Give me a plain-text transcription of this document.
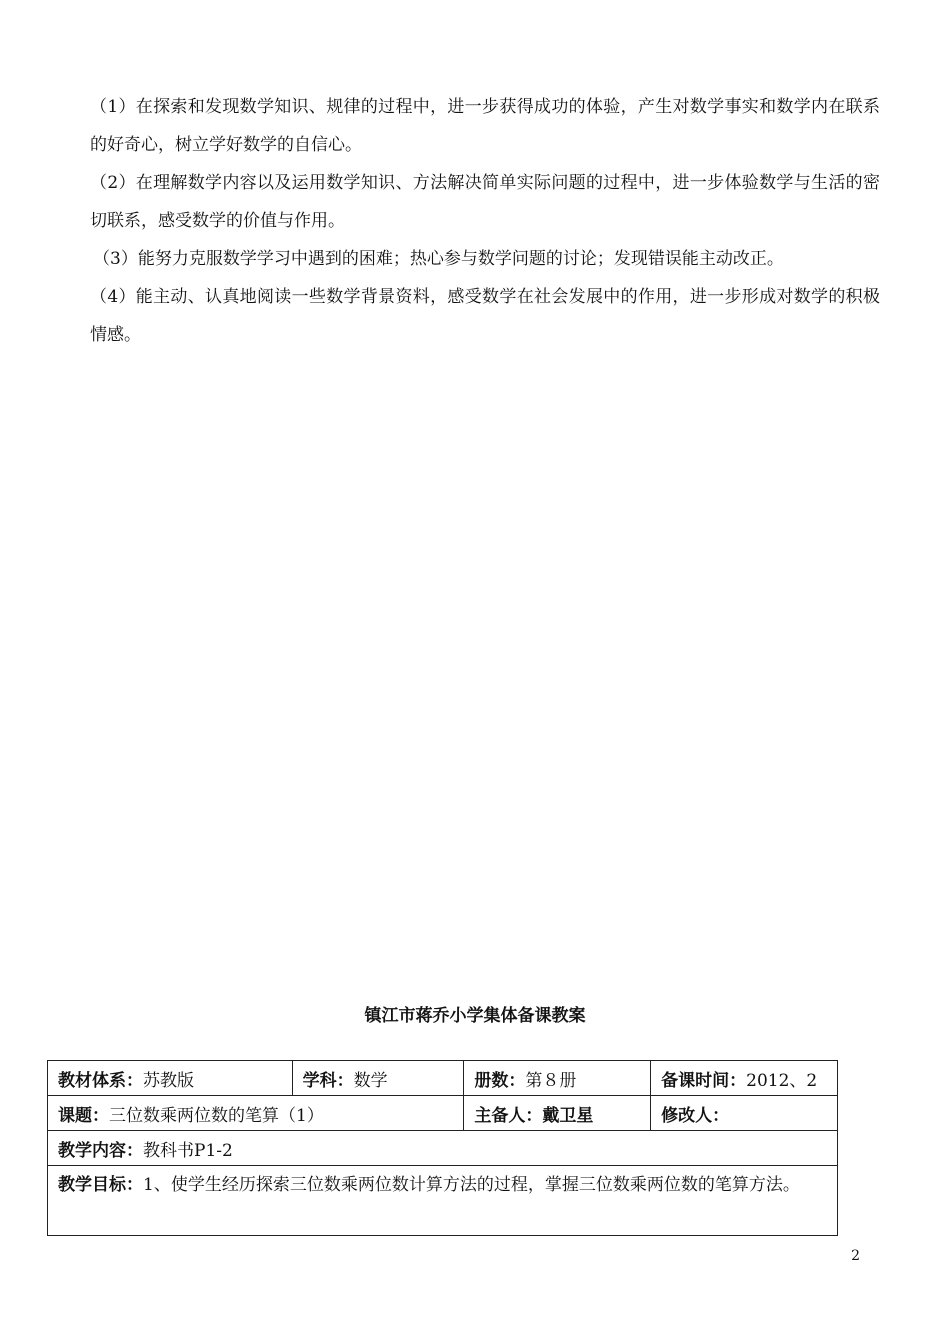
（1）在探索和发现数学知识、规律的过程中，进一步获得成功的体验，产生对数学事实和数学内在联系的好奇心，树立学好数学的自信心。

（2）在理解数学内容以及运用数学知识、方法解决简单实际问题的过程中，进一步体验数学与生活的密切联系，感受数学的价值与作用。

（3）能努力克服数学学习中遇到的困难；热心参与数学问题的讨论；发现错误能主动改正。

（4）能主动、认真地阅读一些数学背景资料，感受数学在社会发展中的作用，进一步形成对数学的积极情感。

镇江市蒋乔小学集体备课教案
教材体系：苏教版	学科：数学	册数：第８册	备课时间：2012、2
课题：三位数乘两位数的笔算（1）		主备人：戴卫星	修改人：
教学内容：教科书P1-2			
教学目标：1、使学生经历探索三位数乘两位数计算方法的过程，掌握三位数乘两位数的笔算方法。			
2
